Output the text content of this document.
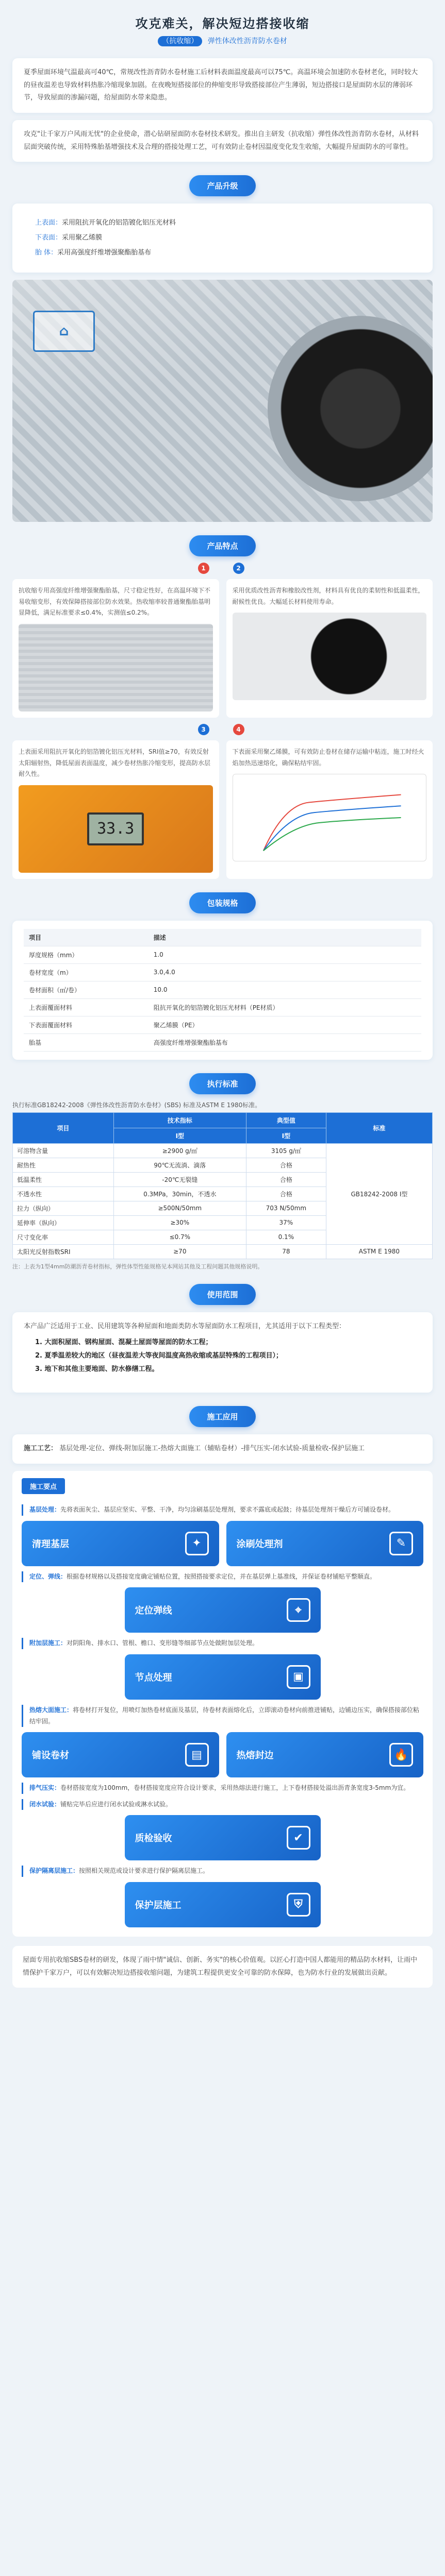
攻克难关，解决短边搭接收缩
（抗收缩） 弹性体改性沥青防水卷材

夏季屋面环境气温最高可40℃，常规改性沥青防水卷材施工后材料表面温度最高可以75℃。高温环境会加速防水卷材老化，同时较大的昼夜温差也导致材料热胀冷缩现象加剧。在夜晚短搭接部位的伸缩变形导致搭接部位产生薄弱，短边搭接口是屋面防水层的薄弱环节，导致屋面的渗漏问题，给屋面防水带来隐患。

攻克"让千家万户风雨无忧"的企业使命，潜心钻研屋面防水卷材技术研发。推出自主研发（抗收缩）弹性体改性沥青防水卷材，从材料层面突破传统，采用特殊胎基增强技术及合理的搭接处理工艺，可有效防止卷材因温度变化发生收缩，大幅提升屋面防水的可靠性。

产品升级
上表面：采用阻抗开氧化的铝箔镀化铝压光材料
下表面：采用聚乙烯膜
胎 体：采用高强度纤维增强聚酯胎基布
⌂
产品特点
1	2

抗收缩专用高强度纤维增强聚酯胎基，尺寸稳定性好，在高温环境下不易收缩变形，有效保障搭接部位防水效果。热收缩率较普通聚酯胎基明显降低，满足标准要求≤0.4%，实测值≤0.2%。

采用优质改性沥青和橡胶改性剂，材料具有优良的柔韧性和低温柔性，耐候性优良。大幅延长材料使用寿命。

3	4

上表面采用阻抗开氧化的铝箔镀化铝压光材料，SRI值≥70，有效反射太阳辐射热，降低屋面表面温度，减少卷材热胀冷缩变形，提高防水层耐久性。

33.3

下表面采用聚乙烯膜，可有效防止卷材在储存运输中粘连，施工时经火焰加热迅速熔化，确保粘结牢固。

包装规格
项目	描述
厚度规格（mm）	1.0
卷材宽度（m）	3.0,4.0
卷材面积（㎡/卷）	10.0
上表面覆面材料	阻抗开氧化的铝箔镀化铝压光材料（PE材质）
下表面覆面材料	聚乙烯膜（PE）
胎基	高强度纤维增强聚酯胎基布
执行标准

执行标准GB18242-2008《弹性体改性沥青防水卷材》(SBS) 标准及ASTM E 1980标准。

项目	技术指标	典型值	标准
	I型	I型	
可溶物含量	≥2900 g/㎡	3105 g/㎡	GB18242-2008 I型
耐热性	90℃无流淌、滴落	合格	
低温柔性	-20℃无裂缝	合格	
不透水性	0.3MPa，30min，不透水	合格	
拉力（纵向）	≥500N/50mm	703 N/50mm	
延伸率（纵向）	≥30%	37%	
尺寸变化率	≤0.7%	0.1%	
太阳光反射指数SRI	≥70	78	ASTM E 1980

注：上表为1型4mm防潮沥青卷材指标，弹性体型性能规格见本网站其他及工程问题其他规格说明。

使用范围

本产品广泛适用于工业、民用建筑等各种屋面和地面类防水等屋面防水工程项目，尤其适用于以下工程类型：

1. 大面积屋面、钢构屋面、混凝土屋面等屋面的防水工程；
2. 夏季温差较大的地区（昼夜温差大等夜间温度高热收缩或基层特殊的工程项目）；
3. 地下和其他主要地面、防水修缮工程。
施工应用

施工工艺： 基层处理-定位、弹线-附加层施工-热熔大面施工（辅贴卷材）-排气压实-闭水试验-质量检收-保护层施工

施工要点
基层处理：先将表面灰尘、基层应坚实、平整、干净，均匀涂刷基层处理剂，要求不露底或起鼓；待基层处理剂干燥后方可铺设卷材。
清理基层	✦	涂刷处理剂	✎
定位、弹线：根据卷材规格以及搭接宽度确定铺贴位置，按照搭接要求定位，并在基层弹上基准线，并保证卷材铺贴平整顺直。
定位弹线	⌖
附加层施工：对阴阳角、排水口、管根、檐口、变形缝等细部节点处做附加层处理。
节点处理	▣
热熔大面施工：将卷材打开复位，用喷灯加热卷材底面及基层，待卷材表面熔化后，立即滚动卷材向前推进铺贴，边铺边压实，确保搭接部位粘结牢固。
铺设卷材	▤	热熔封边	🔥
排气压实：卷材搭接宽度为100mm，卷材搭接宽度应符合设计要求，采用热熔法进行施工，上下卷材搭接处溢出沥青条宽度3-5mm为宜。
闭水试验：铺贴完毕后应进行闭水试验或淋水试验。
质检验收	✔
保护隔离层施工：按照相关规范或设计要求进行保护隔离层施工。
保护层施工	⛨
屋面专用抗收缩SBS卷材的研发，体现了雨中情"诚信、创新、务实"的核心价值观。以匠心打造中国人都能用的精品防水材料，让雨中情保护千家万户，可以有效解决短边搭接收缩问题，为建筑工程提供更安全可靠的防水保障，也为防水行业的发展做出贡献。
